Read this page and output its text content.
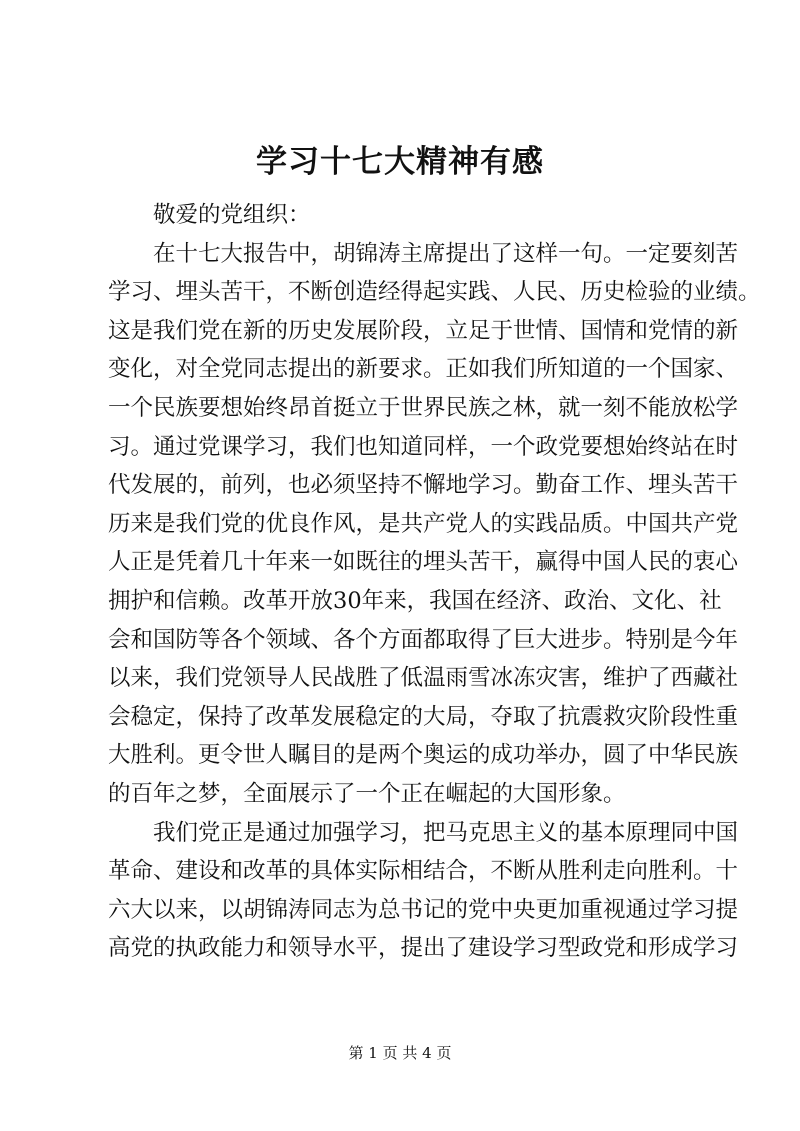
学习十七大精神有感
敬爱的党组织：
在十七大报告中，胡锦涛主席提出了这样一句。一定要刻苦
学习、埋头苦干，不断创造经得起实践、人民、历史检验的业绩。
这是我们党在新的历史发展阶段，立足于世情、国情和党情的新
变化，对全党同志提出的新要求。正如我们所知道的一个国家、
一个民族要想始终昂首挺立于世界民族之林，就一刻不能放松学
习。通过党课学习，我们也知道同样，一个政党要想始终站在时
代发展的，前列，也必须坚持不懈地学习。勤奋工作、埋头苦干
历来是我们党的优良作风，是共产党人的实践品质。中国共产党
人正是凭着几十年来一如既往的埋头苦干，赢得中国人民的衷心
拥护和信赖。改革开放30年来，我国在经济、政治、文化、社
会和国防等各个领域、各个方面都取得了巨大进步。特别是今年
以来，我们党领导人民战胜了低温雨雪冰冻灾害，维护了西藏社
会稳定，保持了改革发展稳定的大局，夺取了抗震救灾阶段性重
大胜利。更令世人瞩目的是两个奥运的成功举办，圆了中华民族
的百年之梦，全面展示了一个正在崛起的大国形象。
我们党正是通过加强学习，把马克思主义的基本原理同中国
革命、建设和改革的具体实际相结合，不断从胜利走向胜利。十
六大以来，以胡锦涛同志为总书记的党中央更加重视通过学习提
高党的执政能力和领导水平，提出了建设学习型政党和形成学习
第 1 页 共 4 页
